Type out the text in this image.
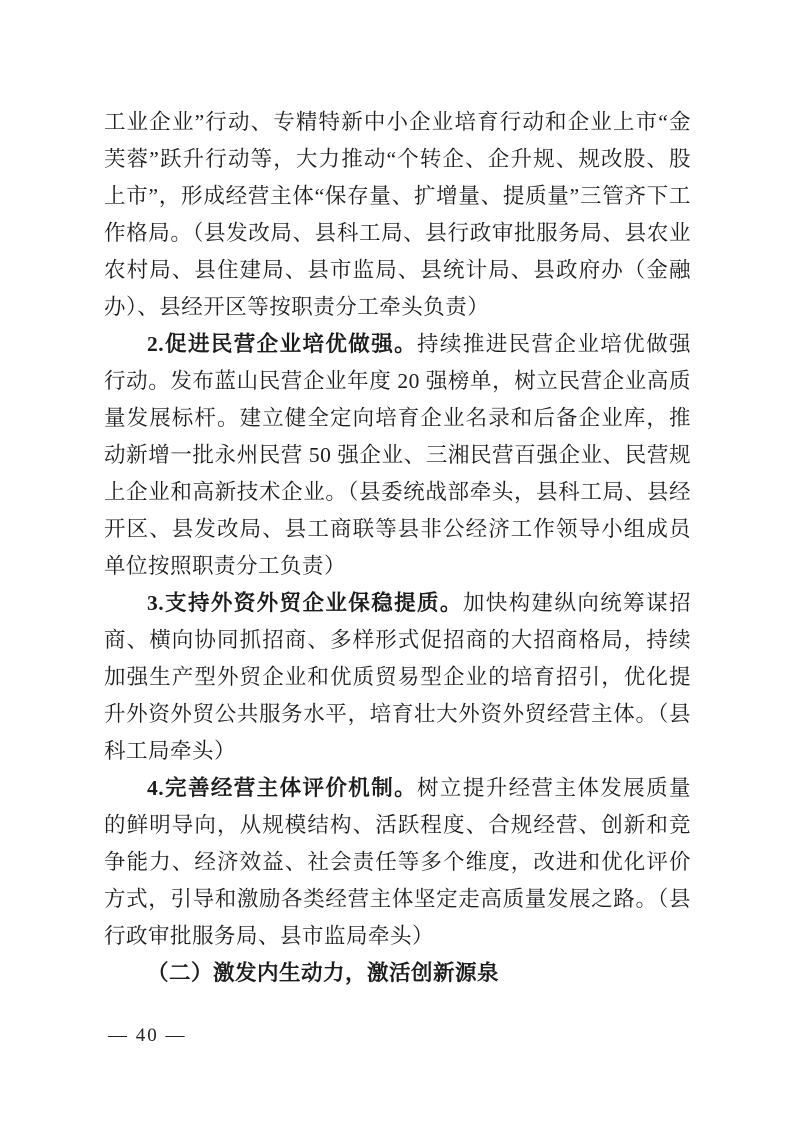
工业企业”行动、专精特新中小企业培育行动和企业上市“金芙蓉”跃升行动等，大力推动“个转企、企升规、规改股、股上市”，形成经营主体“保存量、扩增量、提质量”三管齐下工作格局。（县发改局、县科工局、县行政审批服务局、县农业农村局、县住建局、县市监局、县统计局、县政府办（金融办）、县经开区等按职责分工牵头负责）

2.促进民营企业培优做强。持续推进民营企业培优做强行动。发布蓝山民营企业年度 20 强榜单，树立民营企业高质量发展标杆。建立健全定向培育企业名录和后备企业库，推动新增一批永州民营 50 强企业、三湘民营百强企业、民营规上企业和高新技术企业。（县委统战部牵头，县科工局、县经开区、县发改局、县工商联等县非公经济工作领导小组成员单位按照职责分工负责）

3.支持外资外贸企业保稳提质。加快构建纵向统筹谋招商、横向协同抓招商、多样形式促招商的大招商格局，持续加强生产型外贸企业和优质贸易型企业的培育招引，优化提升外资外贸公共服务水平，培育壮大外资外贸经营主体。（县科工局牵头）

4.完善经营主体评价机制。树立提升经营主体发展质量的鲜明导向，从规模结构、活跃程度、合规经营、创新和竞争能力、经济效益、社会责任等多个维度，改进和优化评价方式，引导和激励各类经营主体坚定走高质量发展之路。（县行政审批服务局、县市监局牵头）

（二）激发内生动力，激活创新源泉

— 40 —
